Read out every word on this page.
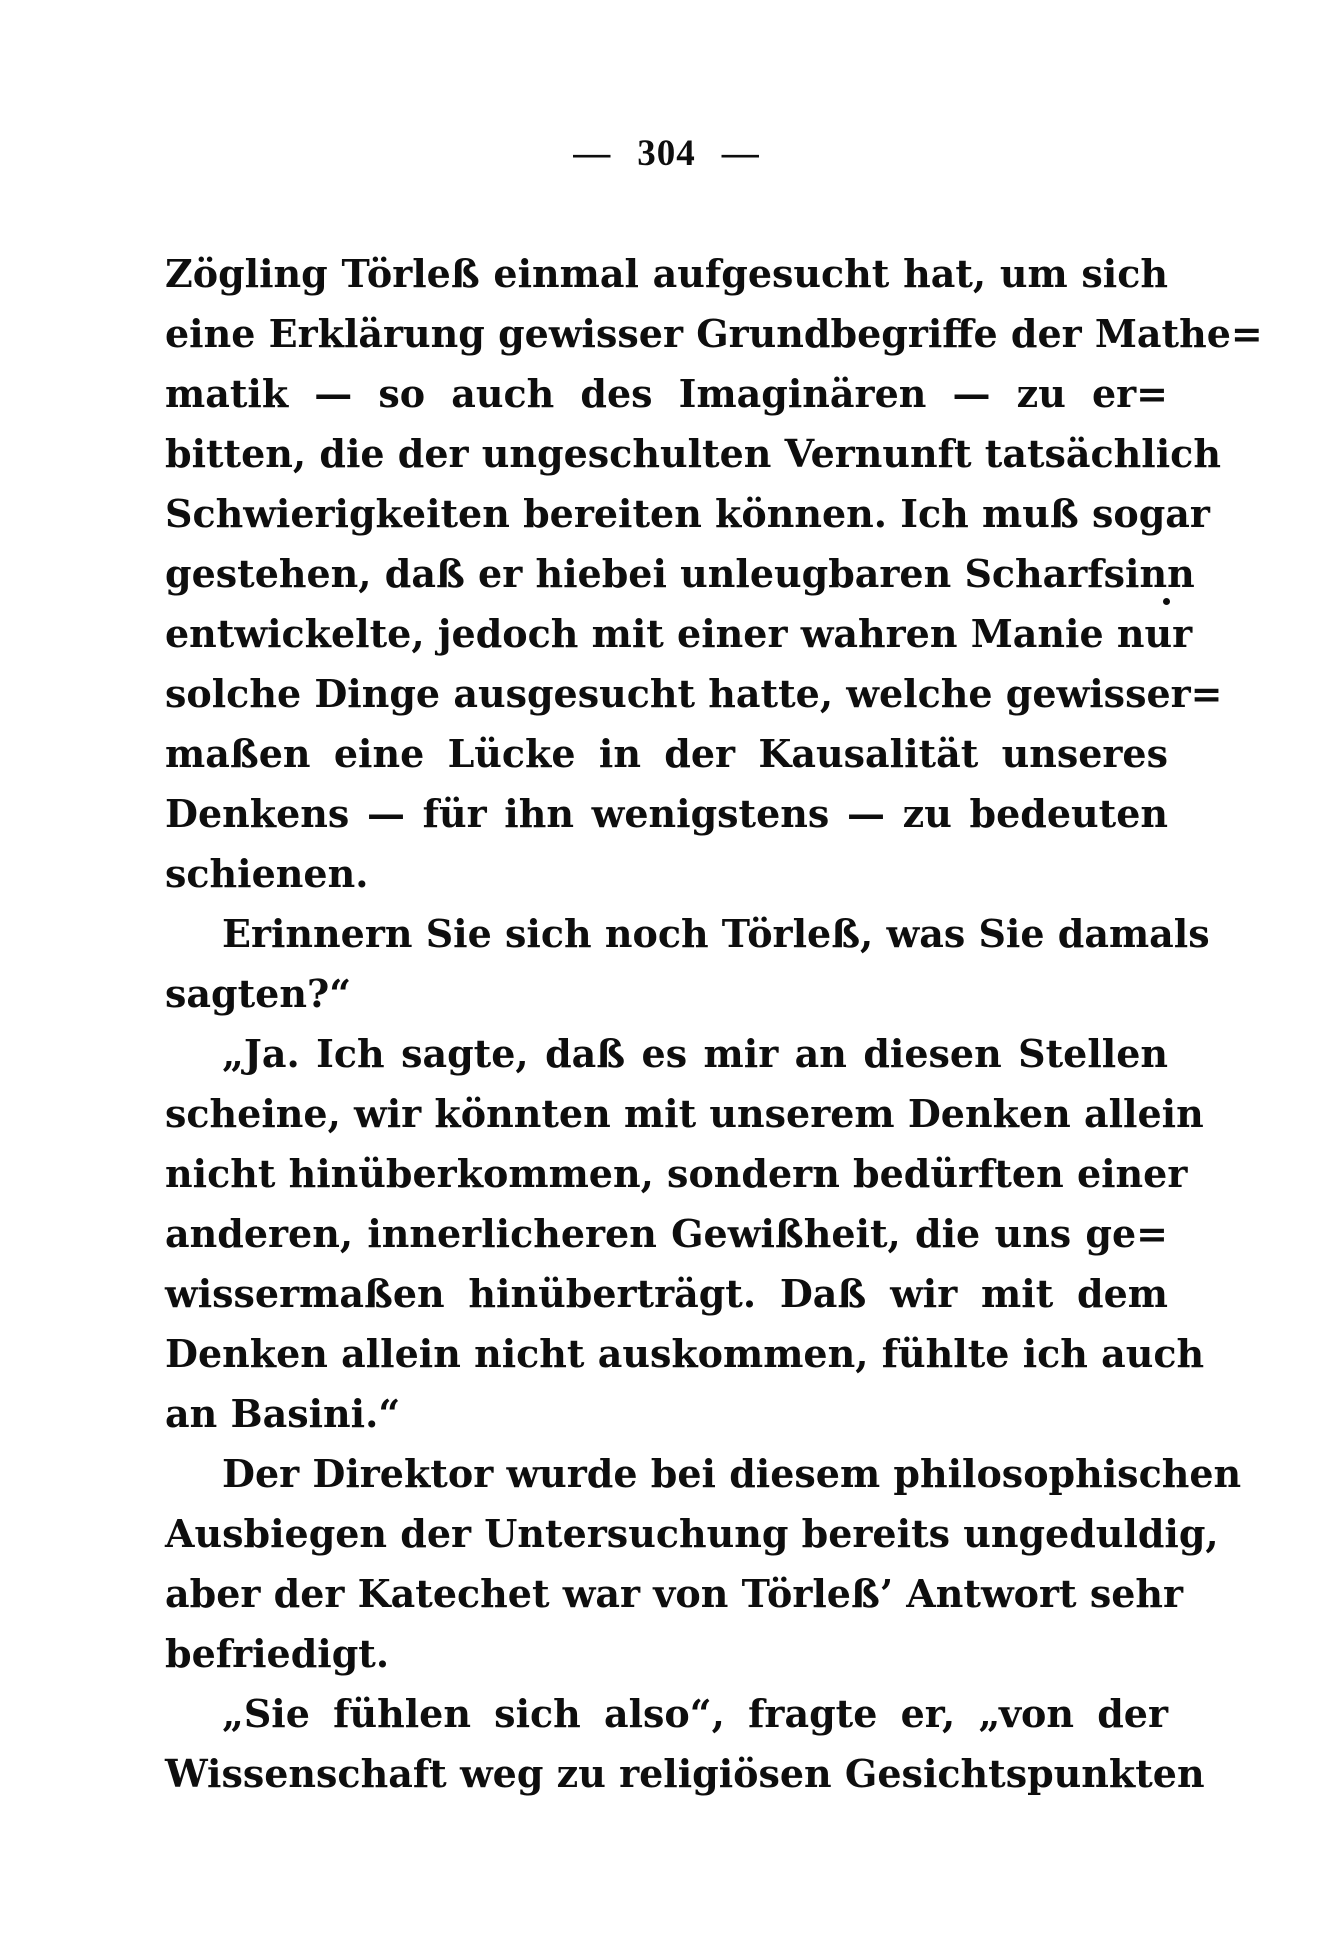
— 304 —
Zögling Törleß einmal aufgesucht hat, um sich
eine Erklärung gewisser Grundbegriffe der Mathe=
matik — so auch des Imaginären — zu er=
bitten, die der ungeschulten Vernunft tatsächlich
Schwierigkeiten bereiten können. Ich muß sogar
gestehen, daß er hiebei unleugbaren Scharfsinn
entwickelte, jedoch mit einer wahren Manie nur
solche Dinge ausgesucht hatte, welche gewisser=
maßen eine Lücke in der Kausalität unseres
Denkens — für ihn wenigstens — zu bedeuten
schienen.
Erinnern Sie sich noch Törleß, was Sie damals
sagten?“
„Ja. Ich sagte, daß es mir an diesen Stellen
scheine, wir könnten mit unserem Denken allein
nicht hinüberkommen, sondern bedürften einer
anderen, innerlicheren Gewißheit, die uns ge=
wissermaßen hinüberträgt. Daß wir mit dem
Denken allein nicht auskommen, fühlte ich auch
an Basini.“
Der Direktor wurde bei diesem philosophischen
Ausbiegen der Untersuchung bereits ungeduldig,
aber der Katechet war von Törleß’ Antwort sehr
befriedigt.
„Sie fühlen sich also“, fragte er, „von der
Wissenschaft weg zu religiösen Gesichtspunkten
